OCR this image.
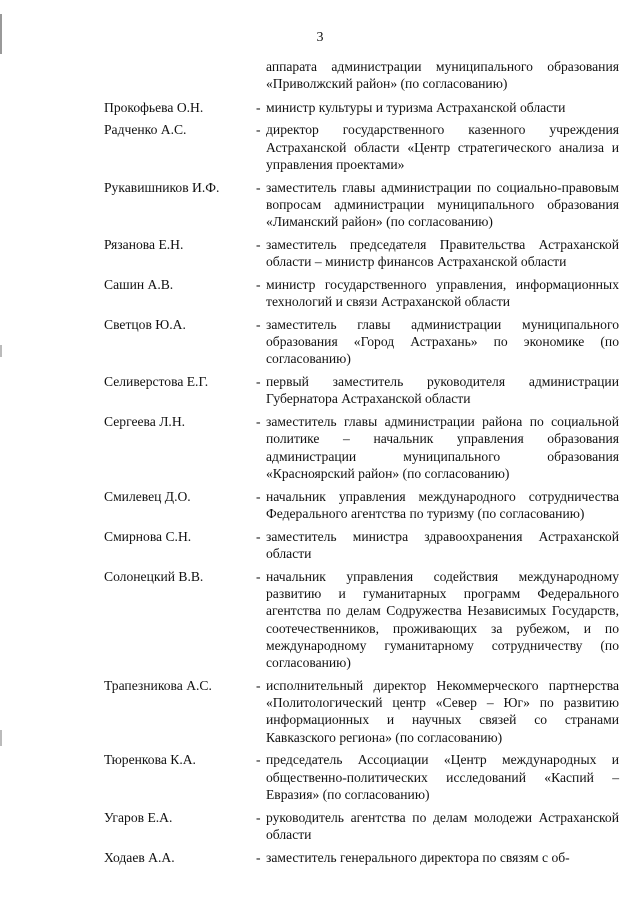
3
аппарата администрации муниципального образования «Приволжский район» (по согласованию)
Прокофьева О.Н.	- министр культуры и туризма Астраханской области
Радченко А.С.	- директор государственного казенного учреждения Астраханской области «Центр стратегического анализа и управления проектами»
Рукавишников И.Ф.	- заместитель главы администрации по социально-правовым вопросам администрации муниципального образования «Лиманский район» (по согласованию)
Рязанова Е.Н.	- заместитель председателя Правительства Астраханской области – министр финансов Астраханской области
Сашин А.В.	- министр государственного управления, информационных технологий и связи Астраханской области
Светцов Ю.А.	- заместитель главы администрации муниципального образования «Город Астрахань» по экономике (по согласованию)
Селиверстова Е.Г.	- первый заместитель руководителя администрации Губернатора Астраханской области
Сергеева Л.Н.	- заместитель главы администрации района по социальной политике – начальник управления образования администрации муниципального образования «Красноярский район» (по согласованию)
Смилевец Д.О.	- начальник управления международного сотрудничества Федерального агентства по туризму (по согласованию)
Смирнова С.Н.	- заместитель министра здравоохранения Астраханской области
Солонецкий В.В.	- начальник управления содействия международному развитию и гуманитарных программ Федерального агентства по делам Содружества Независимых Государств, соотечественников, проживающих за рубежом, и по международному гуманитарному сотрудничеству (по согласованию)
Трапезникова А.С.	- исполнительный директор Некоммерческого партнерства «Политологический центр «Север – Юг» по развитию информационных и научных связей со странами Кавказского региона» (по согласованию)
Тюренкова К.А.	- председатель Ассоциации «Центр международных и общественно-политических исследований «Каспий – Евразия» (по согласованию)
Угаров Е.А.	- руководитель агентства по делам молодежи Астраханской области
Ходаев А.А.	- заместитель генерального директора по связям с об-
